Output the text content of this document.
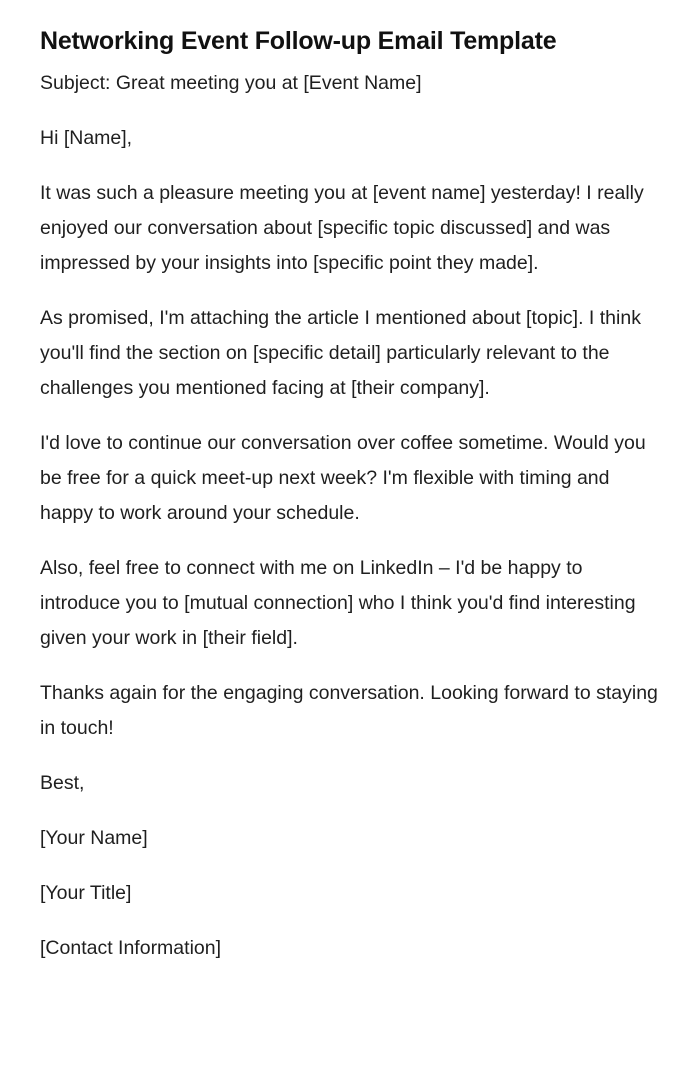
Networking Event Follow-up Email Template

Subject: Great meeting you at [Event Name]

Hi [Name],

It was such a pleasure meeting you at [event name] yesterday! I really enjoyed our conversation about [specific topic discussed] and was impressed by your insights into [specific point they made].

As promised, I'm attaching the article I mentioned about [topic]. I think you'll find the section on [specific detail] particularly relevant to the challenges you mentioned facing at [their company].

I'd love to continue our conversation over coffee sometime. Would you be free for a quick meet-up next week? I'm flexible with timing and happy to work around your schedule.

Also, feel free to connect with me on LinkedIn – I'd be happy to introduce you to [mutual connection] who I think you'd find interesting given your work in [their field].

Thanks again for the engaging conversation. Looking forward to staying in touch!

Best,

[Your Name]

[Your Title]

[Contact Information]
